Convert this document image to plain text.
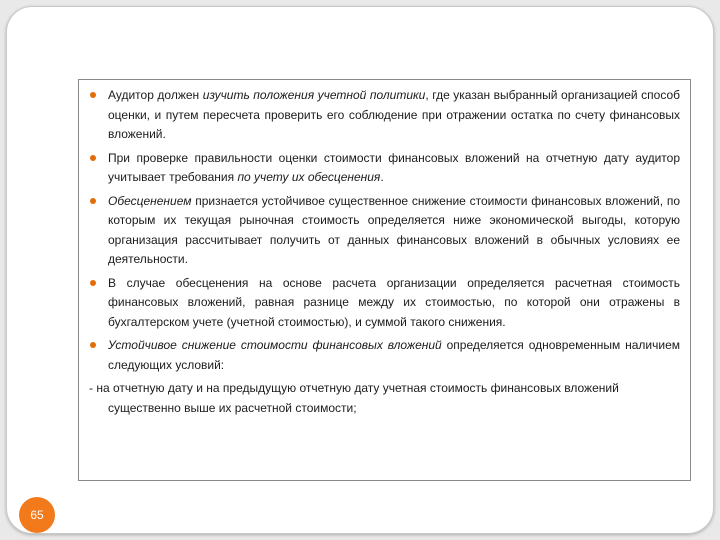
Аудитор должен изучить положения учетной политики, где указан выбранный организацией способ оценки, и путем пересчета проверить его соблюдение при отражении остатка по счету финансовых вложений.
При проверке правильности оценки стоимости финансовых вложений на отчетную дату аудитор учитывает требования по учету их обесценения.
Обесценением признается устойчивое существенное снижение стоимости финансовых вложений, по которым их текущая рыночная стоимость определяется ниже экономической выгоды, которую организация рассчитывает получить от данных финансовых вложений в обычных условиях ее деятельности.
В случае обесценения на основе расчета организации определяется расчетная стоимость финансовых вложений, равная разнице между их стоимостью, по которой они отражены в бухгалтерском учете (учетной стоимостью), и суммой такого снижения.
Устойчивое снижение стоимости финансовых вложений определяется одновременным наличием следующих условий:
- на отчетную дату и на предыдущую отчетную дату учетная стоимость финансовых вложений
существенно выше их расчетной стоимости;
65
